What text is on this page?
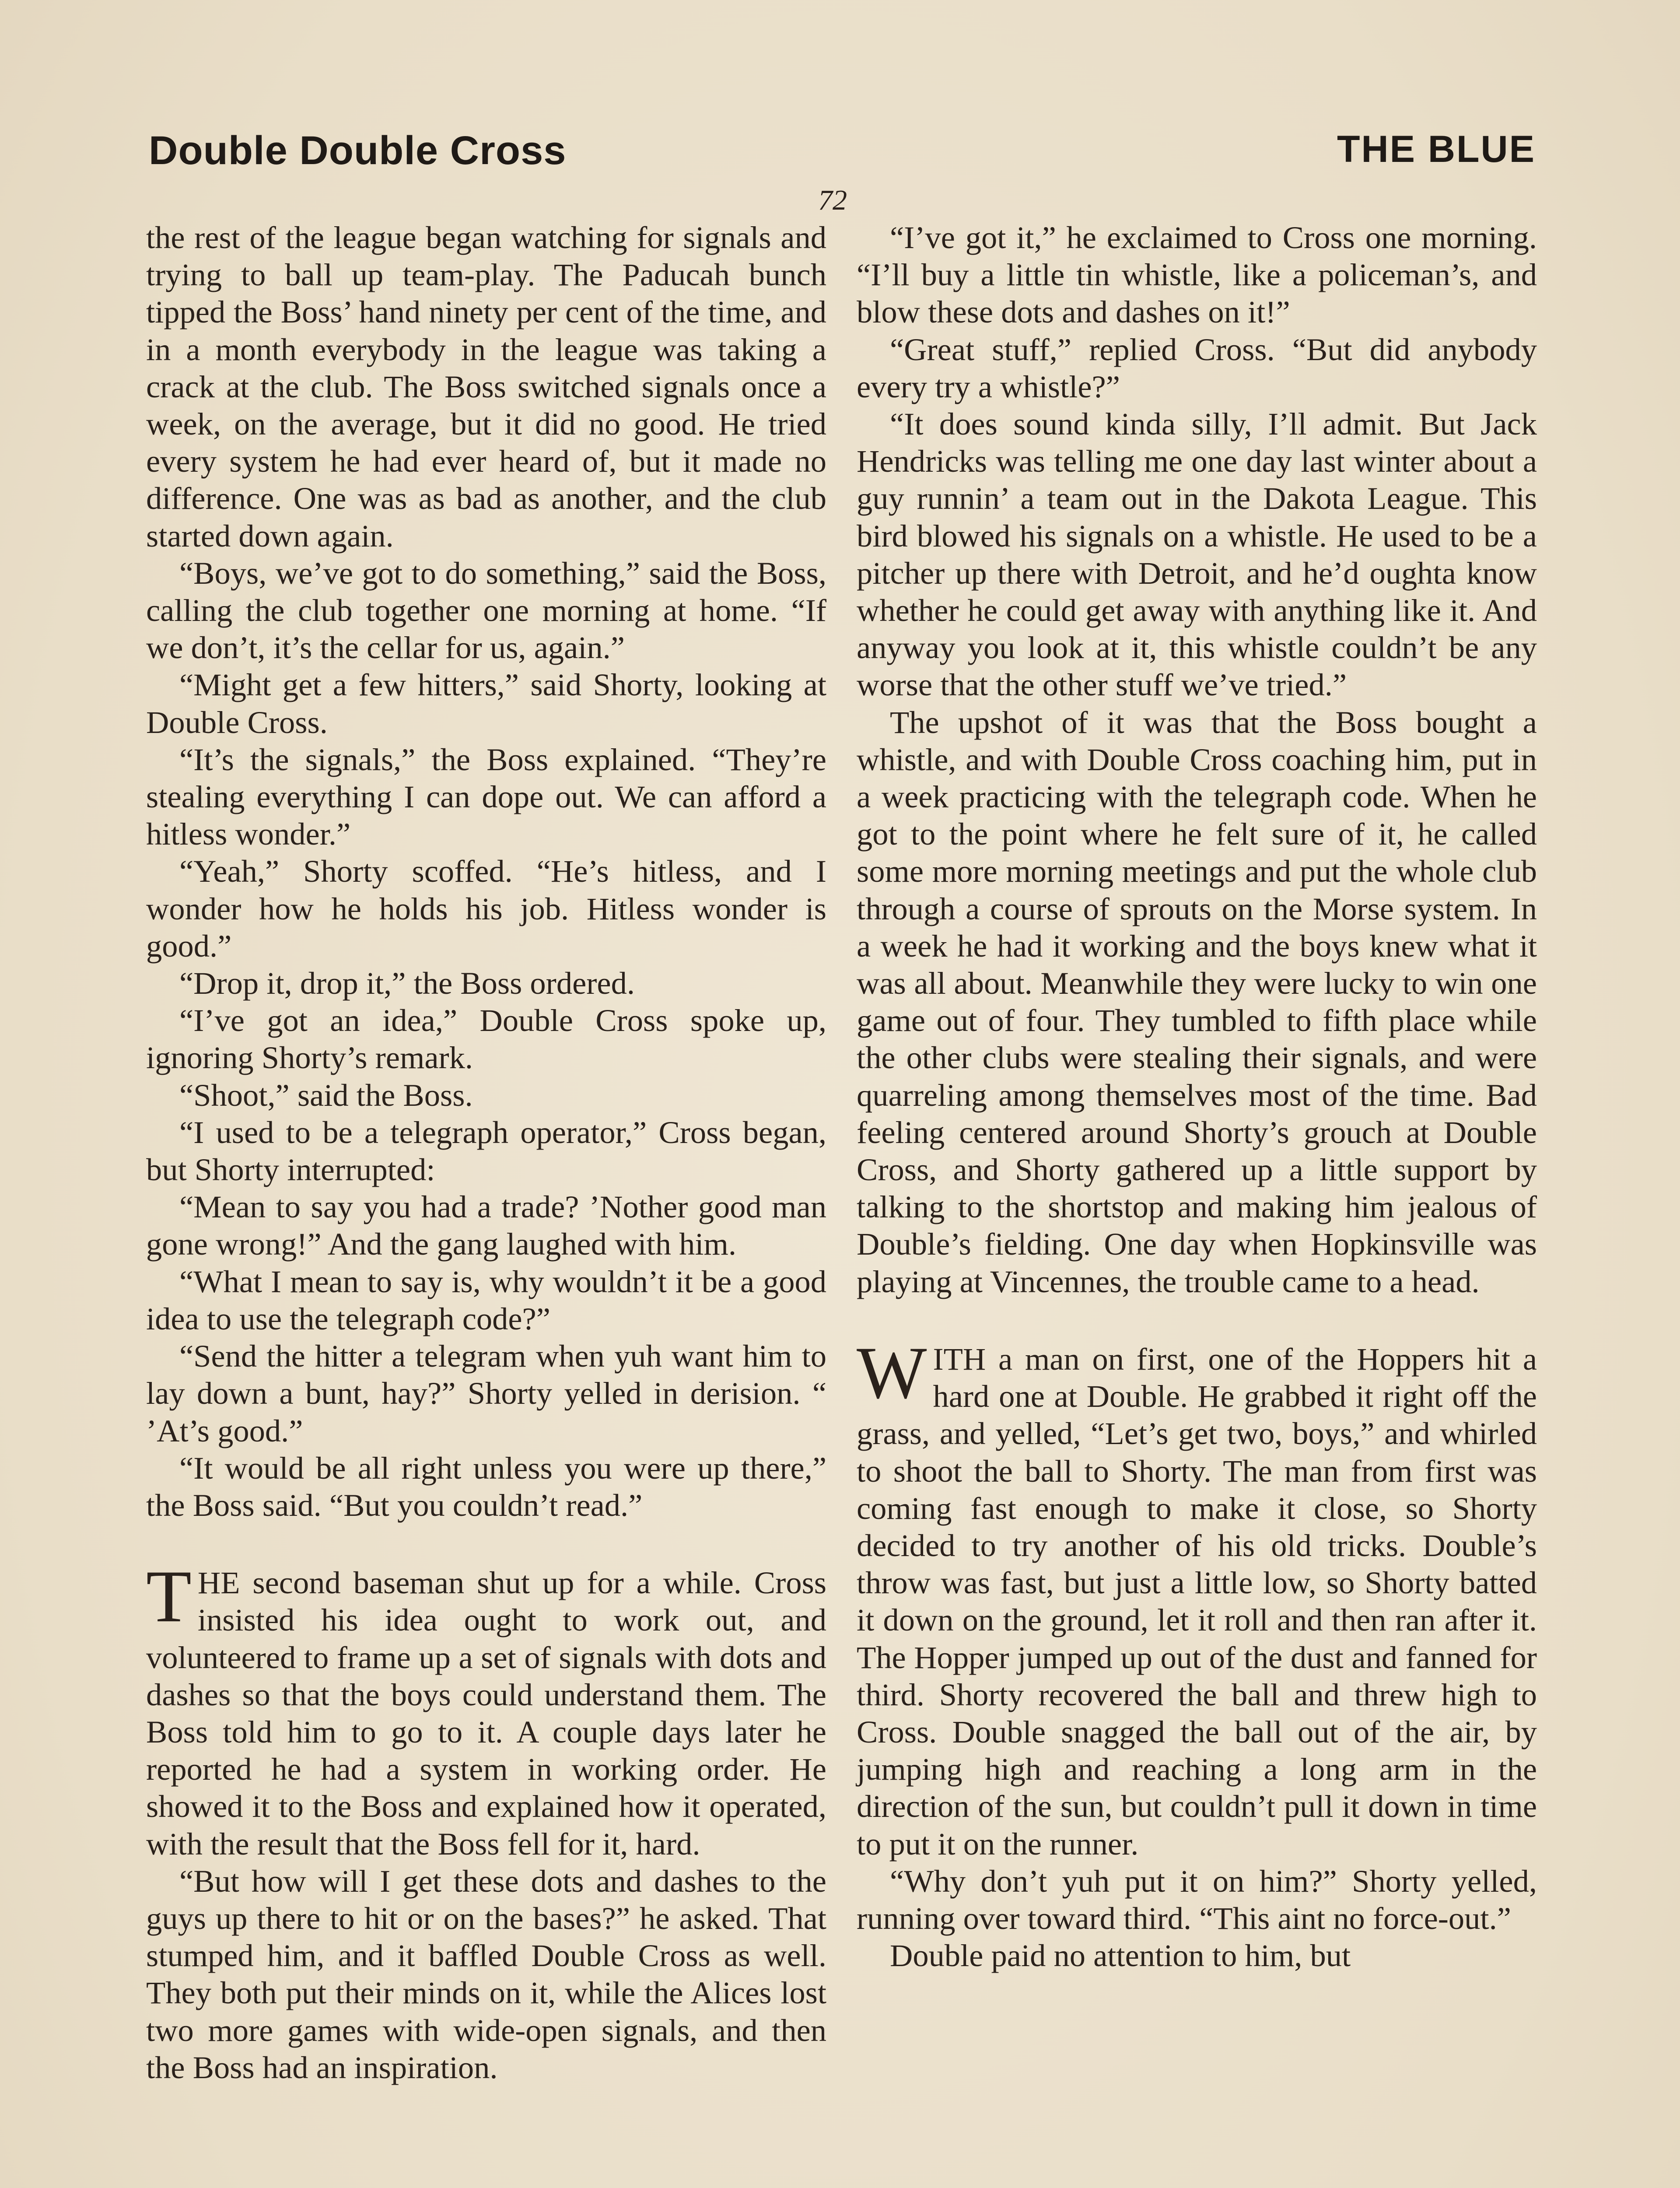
Double Double Cross	THE BLUE
72

the rest of the league began watching for signals and trying to ball up team-play. The Paducah bunch tipped the Boss’ hand ninety per cent of the time, and in a month everybody in the league was taking a crack at the club. The Boss switched signals once a week, on the average, but it did no good. He tried every system he had ever heard of, but it made no difference. One was as bad as another, and the club started down again.

“Boys, we’ve got to do something,” said the Boss, calling the club together one morning at home. “If we don’t, it’s the cellar for us, again.”

“Might get a few hitters,” said Shorty, looking at Double Cross.

“It’s the signals,” the Boss explained. “They’re stealing everything I can dope out. We can afford a hitless wonder.”

“Yeah,” Shorty scoffed. “He’s hitless, and I wonder how he holds his job. Hitless wonder is good.”

“Drop it, drop it,” the Boss ordered.

“I’ve got an idea,” Double Cross spoke up, ignoring Shorty’s remark.

“Shoot,” said the Boss.

“I used to be a telegraph operator,” Cross began, but Shorty interrupted:

“Mean to say you had a trade? ’Nother good man gone wrong!” And the gang laughed with him.

“What I mean to say is, why wouldn’t it be a good idea to use the telegraph code?”

“Send the hitter a telegram when yuh want him to lay down a bunt, hay?” Shorty yelled in derision. “ ’At’s good.”

“It would be all right unless you were up there,” the Boss said. “But you couldn’t read.”

THE second baseman shut up for a while. Cross insisted his idea ought to work out, and volunteered to frame up a set of signals with dots and dashes so that the boys could understand them. The Boss told him to go to it. A couple days later he reported he had a system in working order. He showed it to the Boss and explained how it operated, with the result that the Boss fell for it, hard.

“But how will I get these dots and dashes to the guys up there to hit or on the bases?” he asked. That stumped him, and it baffled Double Cross as well. They both put their minds on it, while the Alices lost two more games with wide-open signals, and then the Boss had an inspiration.

“I’ve got it,” he exclaimed to Cross one morning. “I’ll buy a little tin whistle, like a policeman’s, and blow these dots and dashes on it!”

“Great stuff,” replied Cross. “But did anybody every try a whistle?”

“It does sound kinda silly, I’ll admit. But Jack Hendricks was telling me one day last winter about a guy runnin’ a team out in the Dakota League. This bird blowed his signals on a whistle. He used to be a pitcher up there with Detroit, and he’d oughta know whether he could get away with anything like it. And anyway you look at it, this whistle couldn’t be any worse that the other stuff we’ve tried.”

The upshot of it was that the Boss bought a whistle, and with Double Cross coaching him, put in a week practicing with the telegraph code. When he got to the point where he felt sure of it, he called some more morning meetings and put the whole club through a course of sprouts on the Morse system. In a week he had it working and the boys knew what it was all about. Meanwhile they were lucky to win one game out of four. They tumbled to fifth place while the other clubs were stealing their signals, and were quarreling among themselves most of the time. Bad feeling centered around Shorty’s grouch at Double Cross, and Shorty gathered up a little support by talking to the shortstop and making him jealous of Double’s fielding. One day when Hopkinsville was playing at Vincennes, the trouble came to a head.

WITH a man on first, one of the Hoppers hit a hard one at Double. He grabbed it right off the grass, and yelled, “Let’s get two, boys,” and whirled to shoot the ball to Shorty. The man from first was coming fast enough to make it close, so Shorty decided to try another of his old tricks. Double’s throw was fast, but just a little low, so Shorty batted it down on the ground, let it roll and then ran after it. The Hopper jumped up out of the dust and fanned for third. Shorty recovered the ball and threw high to Cross. Double snagged the ball out of the air, by jumping high and reaching a long arm in the direction of the sun, but couldn’t pull it down in time to put it on the runner.

“Why don’t yuh put it on him?” Shorty yelled, running over toward third. “This aint no force-out.”

Double paid no attention to him, but
